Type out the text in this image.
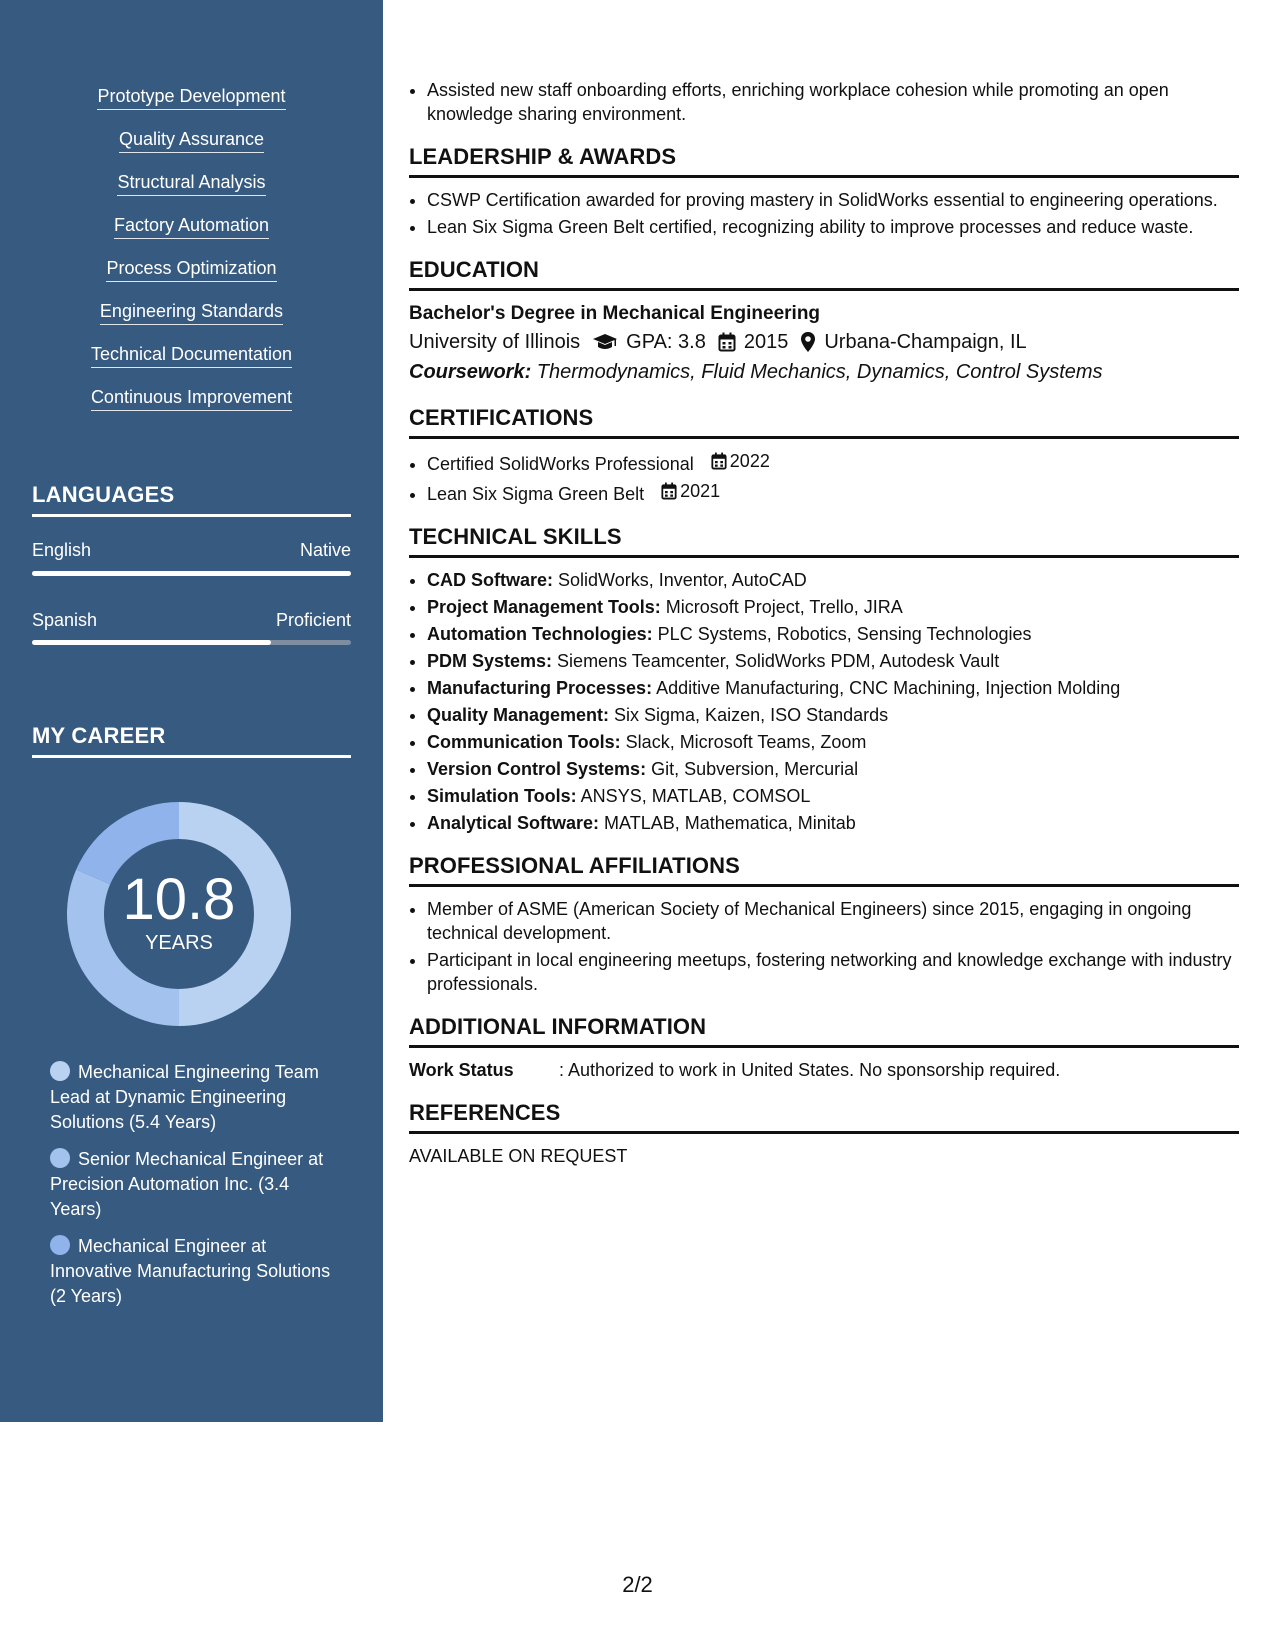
Prototype Development
Quality Assurance
Structural Analysis
Factory Automation
Process Optimization
Engineering Standards
Technical Documentation
Continuous Improvement
LANGUAGES
English	Native
Spanish	Proficient
MY CAREER
10.8
YEARS
Mechanical Engineering Team Lead at Dynamic Engineering Solutions (5.4 Years)
Senior Mechanical Engineer at Precision Automation Inc. (3.4 Years)
Mechanical Engineer at Innovative Manufacturing Solutions (2 Years)
• Assisted new staff onboarding efforts, enriching workplace cohesion while promoting an open knowledge sharing environment.
LEADERSHIP & AWARDS
• CSWP Certification awarded for proving mastery in SolidWorks essential to engineering operations.
• Lean Six Sigma Green Belt certified, recognizing ability to improve processes and reduce waste.
EDUCATION
Bachelor's Degree in Mechanical Engineering
University of Illinois GPA: 3.8 2015 Urbana-Champaign, IL
Coursework: Thermodynamics, Fluid Mechanics, Dynamics, Control Systems
CERTIFICATIONS
• Certified SolidWorks Professional 2022
• Lean Six Sigma Green Belt 2021
TECHNICAL SKILLS
• CAD Software: SolidWorks, Inventor, AutoCAD
• Project Management Tools: Microsoft Project, Trello, JIRA
• Automation Technologies: PLC Systems, Robotics, Sensing Technologies
• PDM Systems: Siemens Teamcenter, SolidWorks PDM, Autodesk Vault
• Manufacturing Processes: Additive Manufacturing, CNC Machining, Injection Molding
• Quality Management: Six Sigma, Kaizen, ISO Standards
• Communication Tools: Slack, Microsoft Teams, Zoom
• Version Control Systems: Git, Subversion, Mercurial
• Simulation Tools: ANSYS, MATLAB, COMSOL
• Analytical Software: MATLAB, Mathematica, Minitab
PROFESSIONAL AFFILIATIONS
• Member of ASME (American Society of Mechanical Engineers) since 2015, engaging in ongoing technical development.
• Participant in local engineering meetups, fostering networking and knowledge exchange with industry professionals.
ADDITIONAL INFORMATION
Work Status	: Authorized to work in United States. No sponsorship required.
REFERENCES
AVAILABLE ON REQUEST
2/2
